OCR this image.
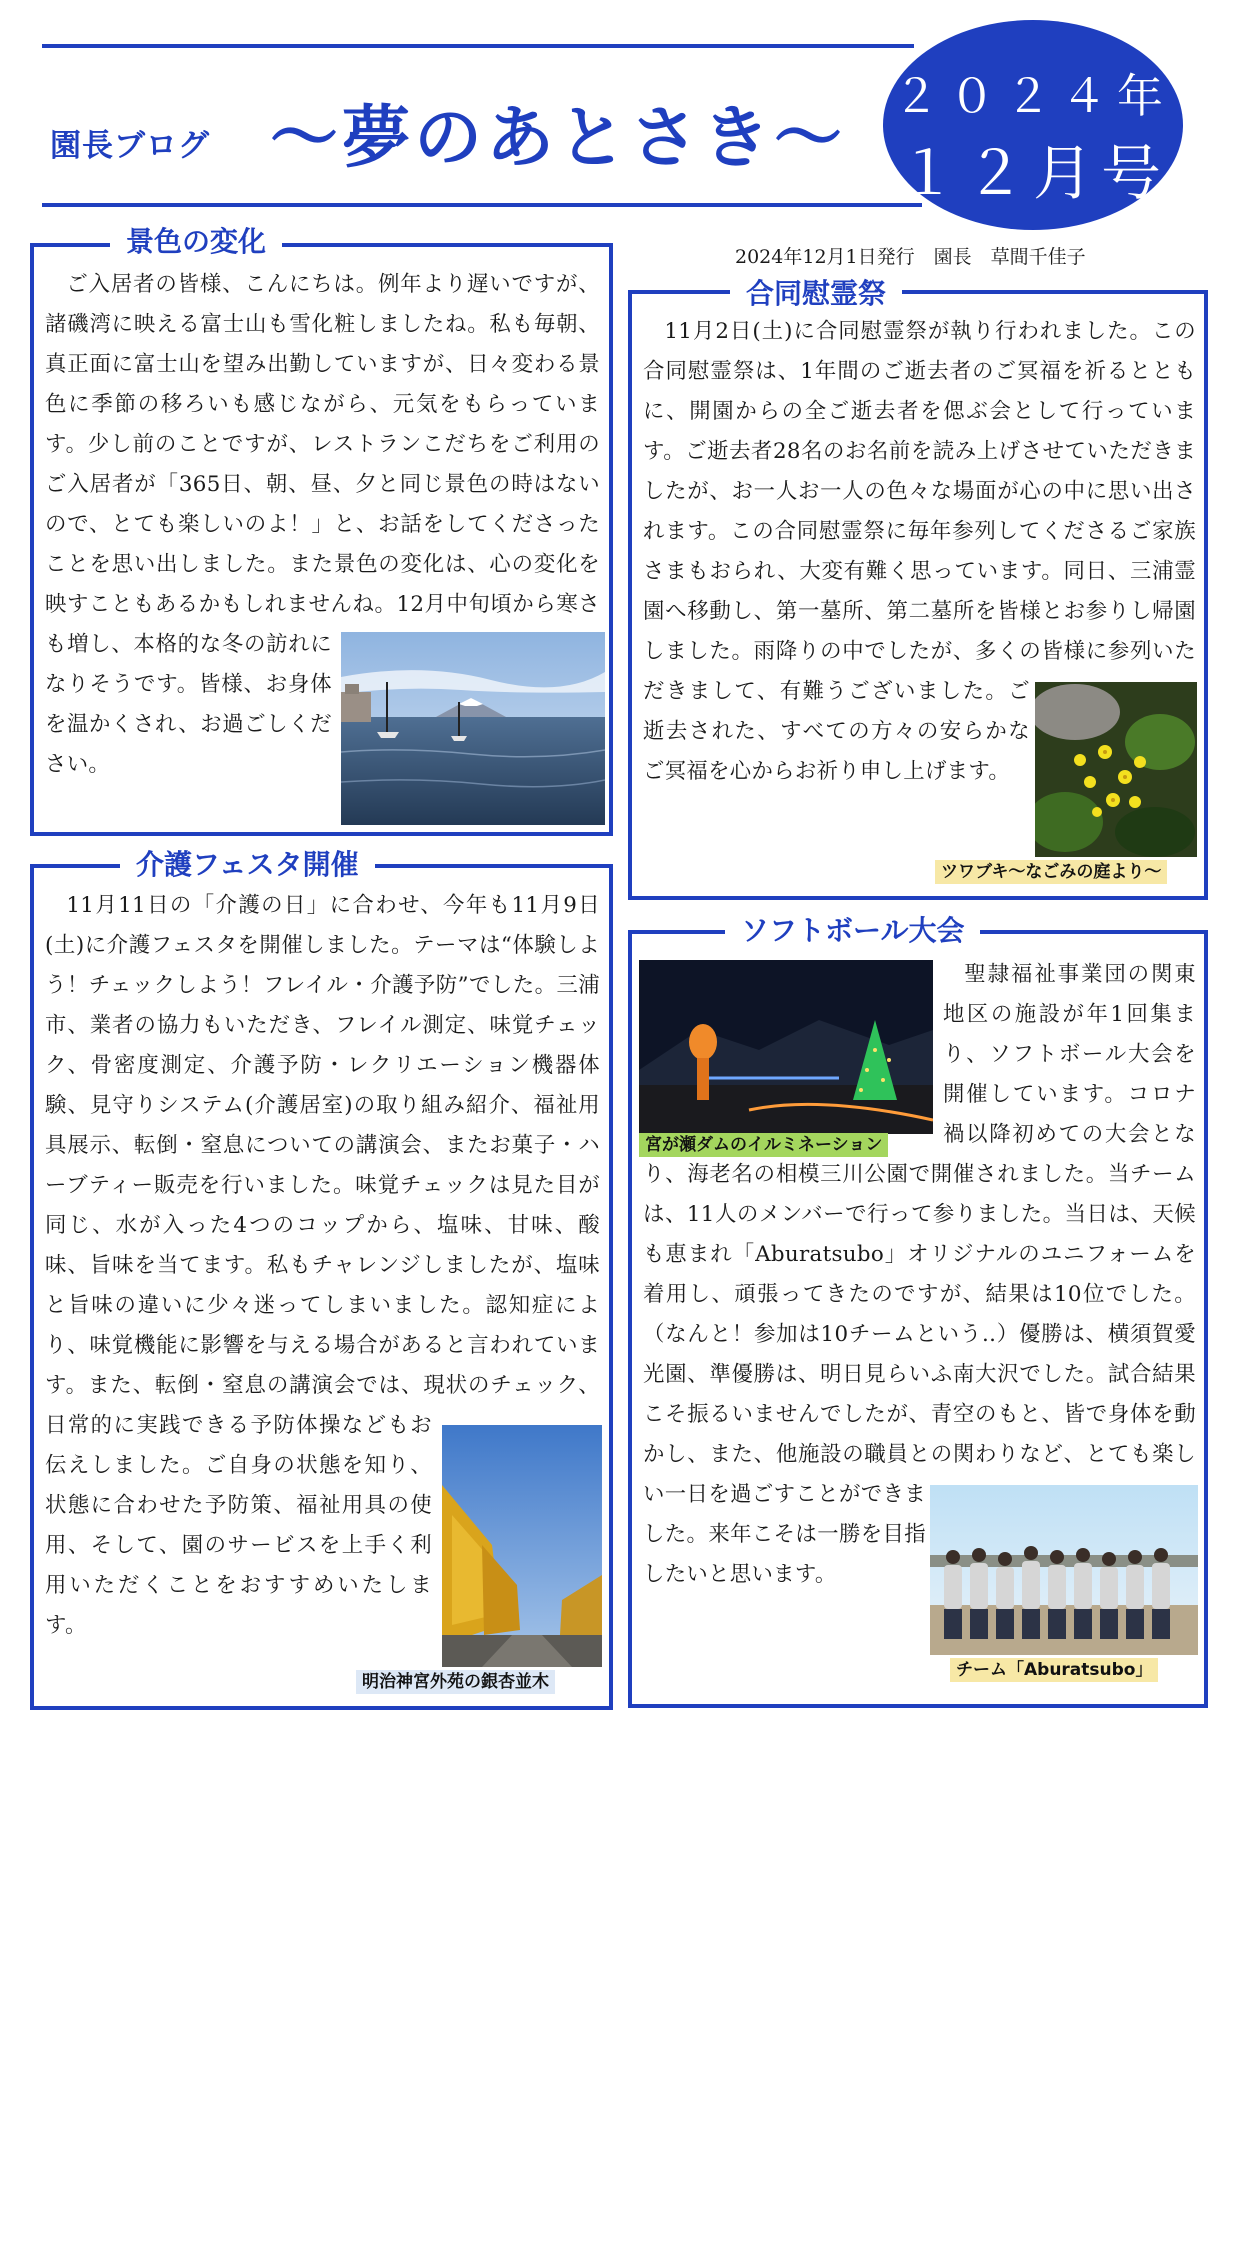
園長ブログ ～夢のあとさき～
２０２４年
１２月号
2024年12月1日発行　園長　草間千佳子
景色の変化
ご入居者の皆様、こんにちは。例年より遅いですが、諸磯湾に映える富士山も雪化粧しましたね。私も毎朝、真正面に富士山を望み出勤していますが、日々変わる景色に季節の移ろいも感じながら、元気をもらっています。少し前のことですが、レストランこだちをご利用のご入居者が「365日、朝、昼、夕と同じ景色の時はないので、とても楽しいのよ！」と、お話をしてくださったことを思い出しました。また景色の変化は、心の変化を映すこともあるかもしれませんね。12月中旬頃から寒さも増し、本格的な冬の訪れになりそうです。皆様、お身体を温かくされ、お過ごしください。
合同慰霊祭
ツワブキ～なごみの庭より～
11月2日(土)に合同慰霊祭が執り行われました。この合同慰霊祭は、1年間のご逝去者のご冥福を祈るとともに、開園からの全ご逝去者を偲ぶ会として行っています。ご逝去者28名のお名前を読み上げさせていただきましたが、お一人お一人の色々な場面が心の中に思い出されます。この合同慰霊祭に毎年参列してくださるご家族さまもおられ、大変有難く思っています。同日、三浦霊園へ移動し、第一墓所、第二墓所を皆様とお参りし帰園しました。雨降りの中でしたが、多くの皆様に参列いただきまして、有難うございました。ご逝去された、すべての方々の安らかなご冥福を心からお祈り申し上げます。
介護フェスタ開催
明治神宮外苑の銀杏並木
11月11日の「介護の日」に合わせ、今年も11月9日(土)に介護フェスタを開催しました。テーマは“体験しよう！チェックしよう！フレイル・介護予防”でした。三浦市、業者の協力もいただき、フレイル測定、味覚チェック、骨密度測定、介護予防・レクリエーション機器体験、見守りシステム(介護居室)の取り組み紹介、福祉用具展示、転倒・窒息についての講演会、またお菓子・ハーブティー販売を行いました。味覚チェックは見た目が同じ、水が入った4つのコップから、塩味、甘味、酸味、旨味を当てます。私もチャレンジしましたが、塩味と旨味の違いに少々迷ってしまいました。認知症により、味覚機能に影響を与える場合があると言われています。また、転倒・窒息の講演会では、現状のチェック、日常的に実践できる予防体操などもお伝えしました。ご自身の状態を知り、状態に合わせた予防策、福祉用具の使用、そして、園のサービスを上手く利用いただくことをおすすめいたします。
ソフトボール大会
宮が瀬ダムのイルミネーション
チーム「Aburatsubo」
聖隷福祉事業団の関東地区の施設が年1回集まり、ソフトボール大会を開催しています。コロナ禍以降初めての大会となり、海老名の相模三川公園で開催されました。当チームは、11人のメンバーで行って参りました。当日は、天候も恵まれ「Aburatsubo」オリジナルのユニフォームを着用し、頑張ってきたのですが、結果は10位でした。（なんと！参加は10チームという..）優勝は、横須賀愛光園、準優勝は、明日見らいふ南大沢でした。試合結果こそ振るいませんでしたが、青空のもと、皆で身体を動かし、また、他施設の職員との関わりなど、とても楽しい一日を過ごすことができました。来年こそは一勝を目指したいと思います。
